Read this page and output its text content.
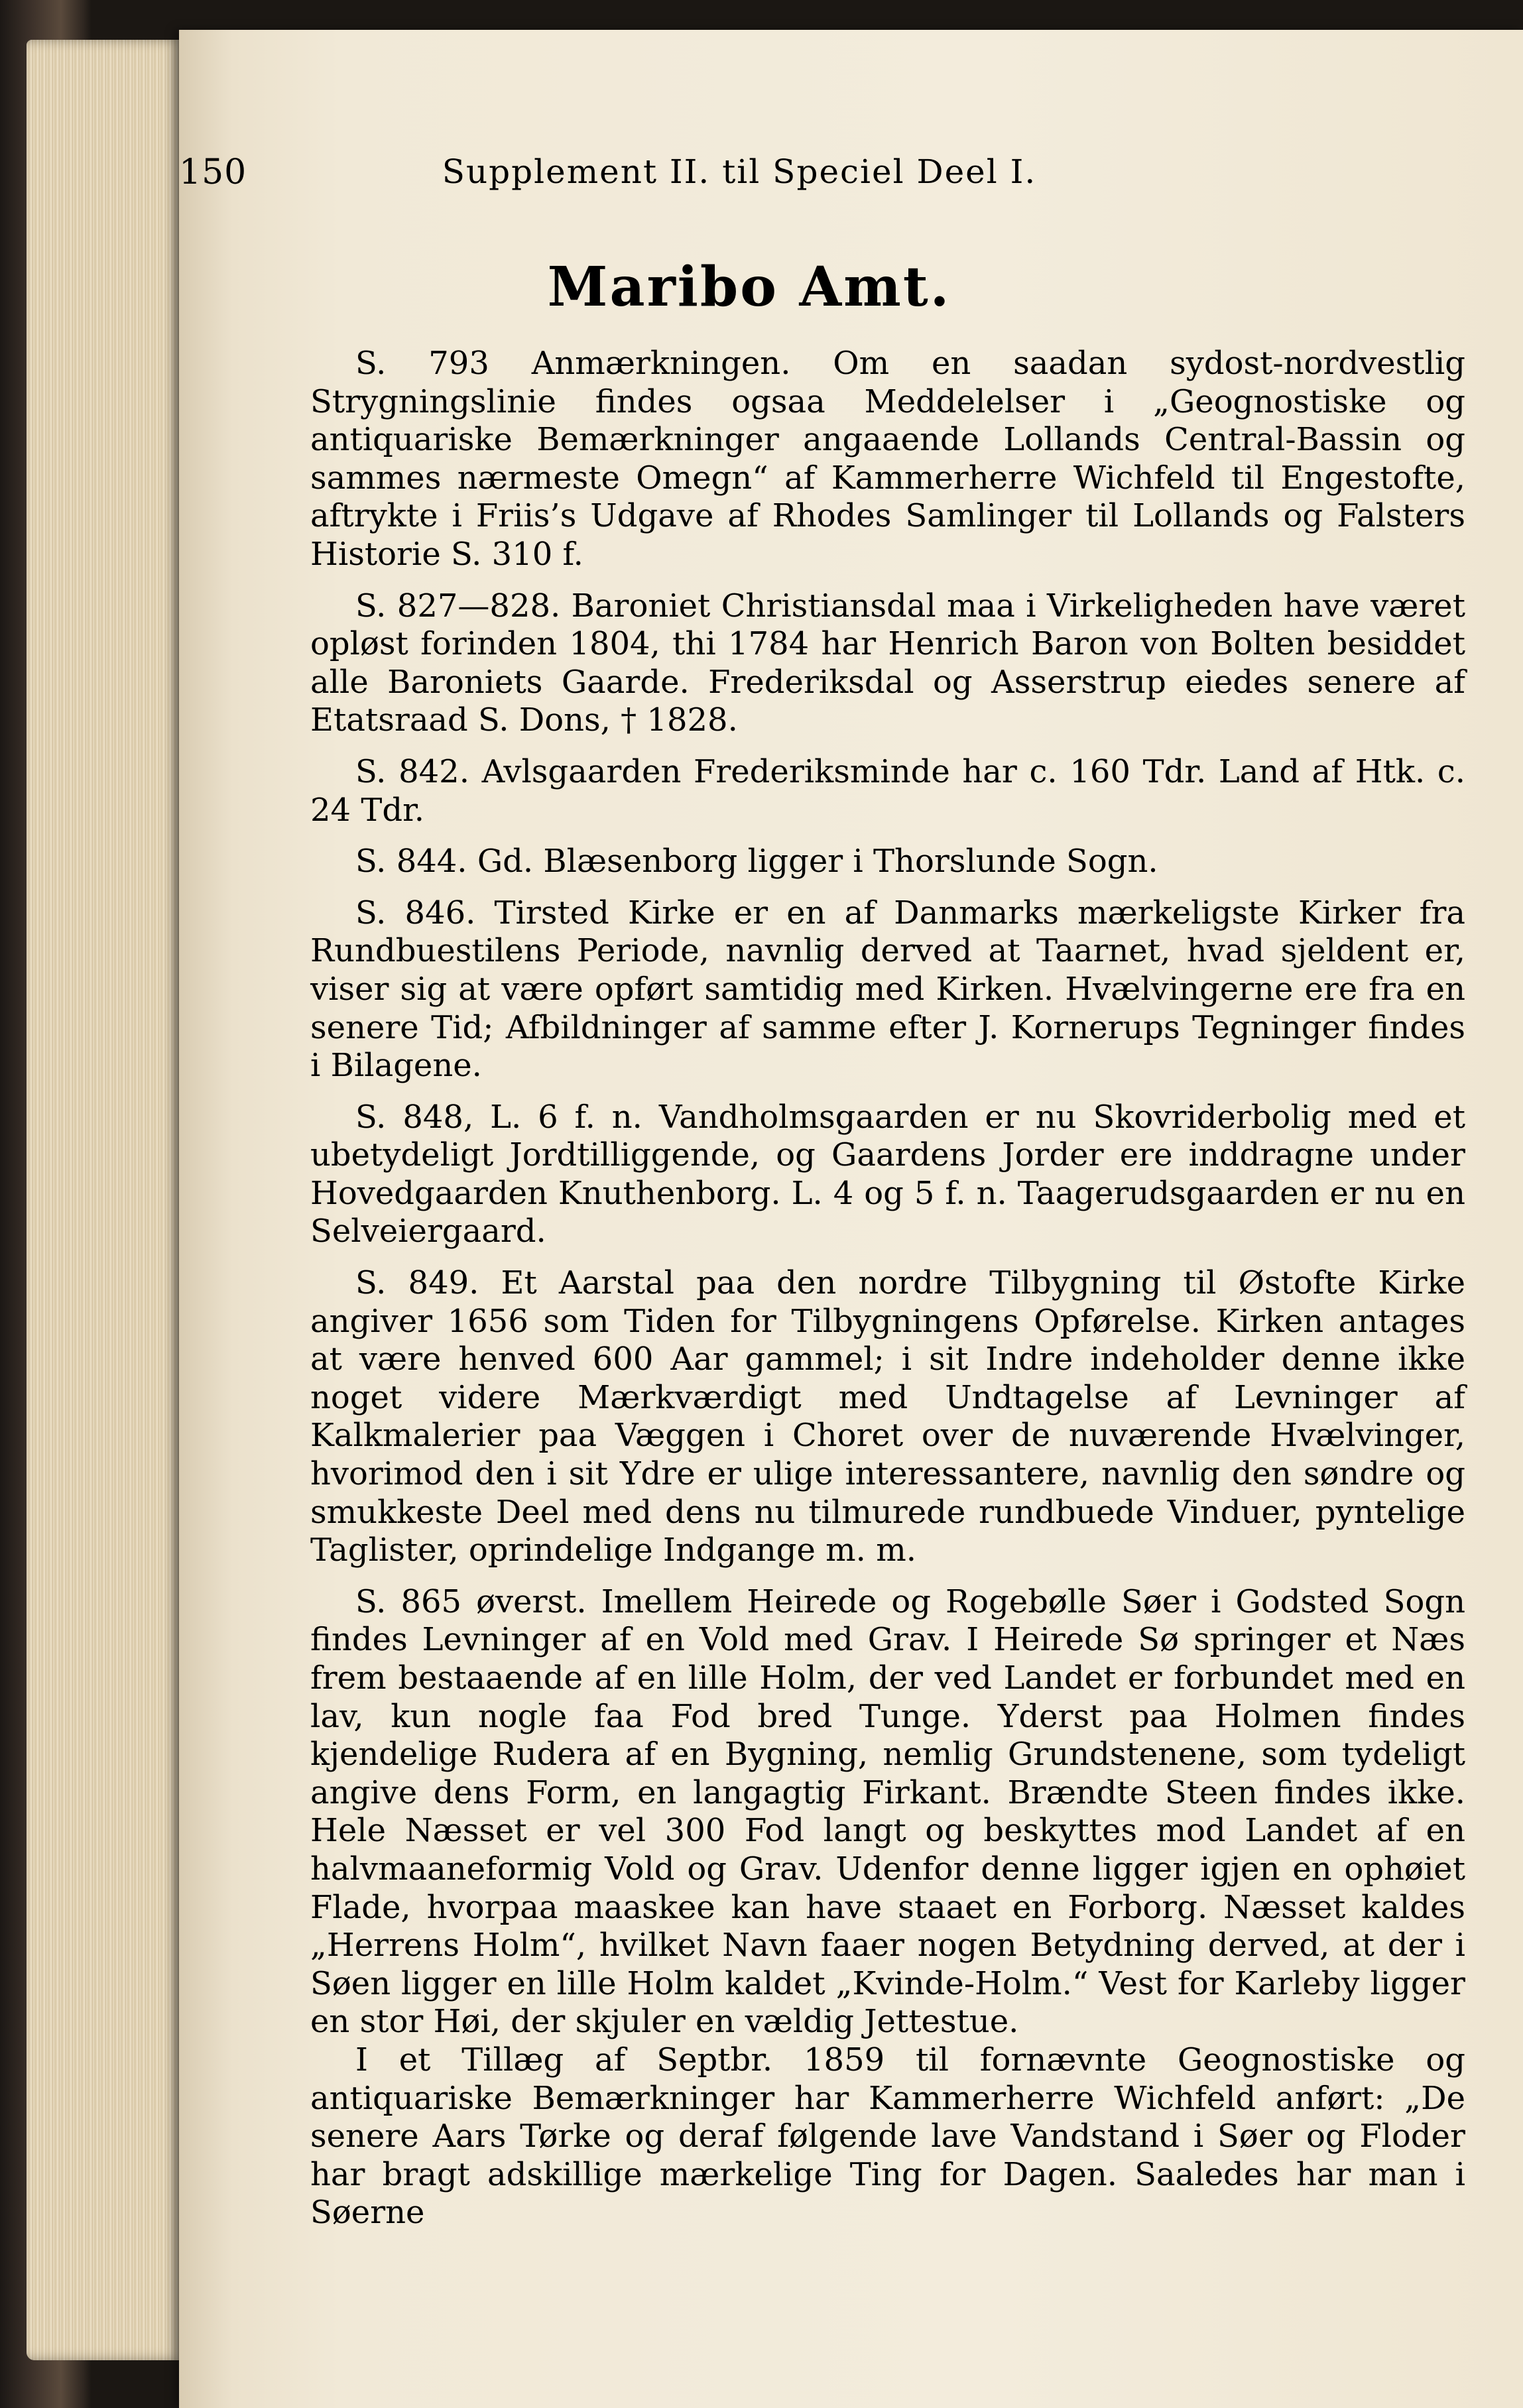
150	Supplement II. til Speciel Deel I.
Maribo Amt.

S. 793 Anmærkningen. Om en saadan sydost-nordvestlig Strygningslinie findes ogsaa Meddelelser i „Geognostiske og antiquariske Bemærkninger angaaende Lollands Central-Bassin og sammes nærmeste Omegn“ af Kammerherre Wichfeld til Engestofte, aftrykte i Friis’s Udgave af Rhodes Samlinger til Lollands og Falsters Historie S. 310 f.

S. 827—828. Baroniet Christiansdal maa i Virkeligheden have været opløst forinden 1804, thi 1784 har Henrich Baron von Bolten besiddet alle Baroniets Gaarde. Frederiksdal og Asserstrup eiedes senere af Etatsraad S. Dons, † 1828.

S. 842. Avlsgaarden Frederiksminde har c. 160 Tdr. Land af Htk. c. 24 Tdr.

S. 844. Gd. Blæsenborg ligger i Thorslunde Sogn.

S. 846. Tirsted Kirke er en af Danmarks mærkeligste Kirker fra Rundbuestilens Periode, navnlig derved at Taarnet, hvad sjeldent er, viser sig at være opført samtidig med Kirken. Hvælvingerne ere fra en senere Tid; Afbildninger af samme efter J. Kornerups Tegninger findes i Bilagene.

S. 848, L. 6 f. n. Vandholmsgaarden er nu Skovriderbolig med et ubetydeligt Jordtilliggende, og Gaardens Jorder ere inddragne under Hovedgaarden Knuthenborg. L. 4 og 5 f. n. Taagerudsgaarden er nu en Selveiergaard.

S. 849. Et Aarstal paa den nordre Tilbygning til Østofte Kirke angiver 1656 som Tiden for Tilbygningens Opførelse. Kirken antages at være henved 600 Aar gammel; i sit Indre indeholder denne ikke noget videre Mærkværdigt med Undtagelse af Levninger af Kalkmalerier paa Væggen i Choret over de nuværende Hvælvinger, hvorimod den i sit Ydre er ulige interessantere, navnlig den søndre og smukkeste Deel med dens nu tilmurede rundbuede Vinduer, pyntelige Taglister, oprindelige Indgange m. m.

S. 865 øverst. Imellem Heirede og Rogebølle Søer i Godsted Sogn findes Levninger af en Vold med Grav. I Heirede Sø springer et Næs frem bestaaende af en lille Holm, der ved Landet er forbundet med en lav, kun nogle faa Fod bred Tunge. Yderst paa Holmen findes kjendelige Rudera af en Bygning, nemlig Grundstenene, som tydeligt angive dens Form, en langagtig Firkant. Brændte Steen findes ikke. Hele Næsset er vel 300 Fod langt og beskyttes mod Landet af en halvmaaneformig Vold og Grav. Udenfor denne ligger igjen en ophøiet Flade, hvorpaa maaskee kan have staaet en Forborg. Næsset kaldes „Herrens Holm“, hvilket Navn faaer nogen Betydning derved, at der i Søen ligger en lille Holm kaldet „Kvinde-Holm.“ Vest for Karleby ligger en stor Høi, der skjuler en vældig Jettestue.

I et Tillæg af Septbr. 1859 til fornævnte Geognostiske og antiquariske Bemærkninger har Kammerherre Wichfeld anført: „De senere Aars Tørke og deraf følgende lave Vandstand i Søer og Floder har bragt adskillige mærkelige Ting for Dagen. Saaledes har man i Søerne
